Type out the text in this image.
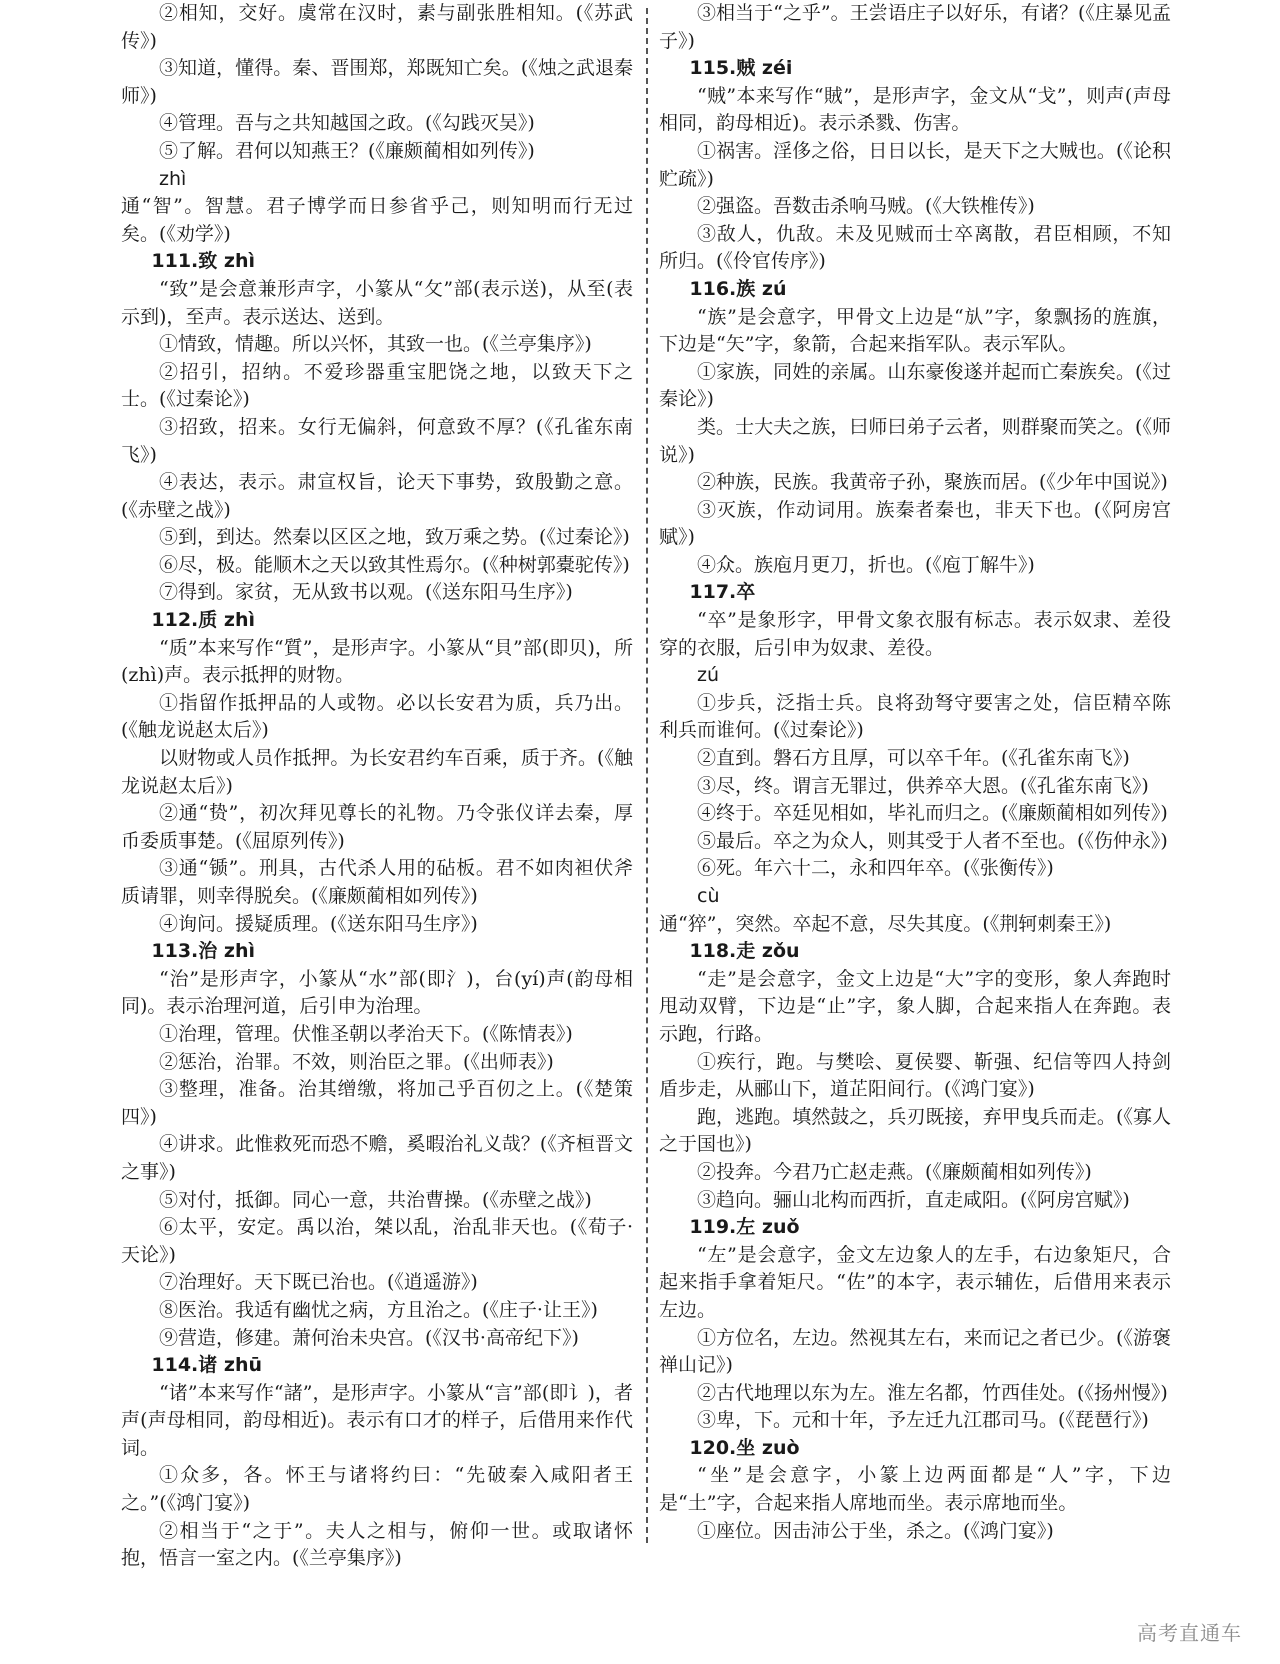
②相知，交好。虞常在汉时，素与副张胜相知。(《苏武传》)

③知道，懂得。秦、晋围郑，郑既知亡矣。(《烛之武退秦师》)

④管理。吾与之共知越国之政。(《勾践灭吴》)

⑤了解。君何以知燕王？(《廉颇蔺相如列传》)

zhì

通“智”。智慧。君子博学而日参省乎己，则知明而行无过矣。(《劝学》)

111.致 zhì

“致”是会意兼形声字，小篆从“攵”部(表示送)，从至(表示到)，至声。表示送达、送到。

①情致，情趣。所以兴怀，其致一也。(《兰亭集序》)

②招引，招纳。不爱珍器重宝肥饶之地，以致天下之士。(《过秦论》)

③招致，招来。女行无偏斜，何意致不厚？(《孔雀东南飞》)

④表达，表示。肃宣权旨，论天下事势，致殷勤之意。(《赤壁之战》)

⑤到，到达。然秦以区区之地，致万乘之势。(《过秦论》)

⑥尽，极。能顺木之天以致其性焉尔。(《种树郭橐驼传》)

⑦得到。家贫，无从致书以观。(《送东阳马生序》)

112.质 zhì

“质”本来写作“質”，是形声字。小篆从“貝”部(即贝)，所(zhì)声。表示抵押的财物。

①指留作抵押品的人或物。必以长安君为质，兵乃出。(《触龙说赵太后》)

以财物或人员作抵押。为长安君约车百乘，质于齐。(《触龙说赵太后》)

②通“贽”，初次拜见尊长的礼物。乃令张仪详去秦，厚币委质事楚。(《屈原列传》)

③通“锧”。刑具，古代杀人用的砧板。君不如肉袒伏斧质请罪，则幸得脱矣。(《廉颇蔺相如列传》)

④询问。援疑质理。(《送东阳马生序》)

113.治 zhì

“治”是形声字，小篆从“水”部(即氵)，台(yí)声(韵母相同)。表示治理河道，后引申为治理。

①治理，管理。伏惟圣朝以孝治天下。(《陈情表》)

②惩治，治罪。不效，则治臣之罪。(《出师表》)

③整理，准备。治其缯缴，将加己乎百仞之上。(《楚策四》)

④讲求。此惟救死而恐不赡，奚暇治礼义哉？(《齐桓晋文之事》)

⑤对付，抵御。同心一意，共治曹操。(《赤壁之战》)

⑥太平，安定。禹以治，桀以乱，治乱非天也。(《荀子·天论》)

⑦治理好。天下既已治也。(《逍遥游》)

⑧医治。我适有幽忧之病，方且治之。(《庄子·让王》)

⑨营造，修建。萧何治未央宫。(《汉书·高帝纪下》)

114.诸 zhū

“诸”本来写作“諸”，是形声字。小篆从“言”部(即讠)，者声(声母相同，韵母相近)。表示有口才的样子，后借用来作代词。

①众多，各。怀王与诸将约曰：“先破秦入咸阳者王之。”(《鸿门宴》)

②相当于“之于”。夫人之相与，俯仰一世。或取诸怀抱，悟言一室之内。(《兰亭集序》)

③相当于“之乎”。王尝语庄子以好乐，有诸？(《庄暴见孟子》)

115.贼 zéi

“贼”本来写作“賊”，是形声字，金文从“戈”，则声(声母相同，韵母相近)。表示杀戮、伤害。

①祸害。淫侈之俗，日日以长，是天下之大贼也。(《论积贮疏》)

②强盗。吾数击杀响马贼。(《大铁椎传》)

③敌人，仇敌。未及见贼而士卒离散，君臣相顾，不知所归。(《伶官传序》)

116.族 zú

“族”是会意字，甲骨文上边是“㫃”字，象飘扬的旌旗，下边是“矢”字，象箭，合起来指军队。表示军队。

①家族，同姓的亲属。山东豪俊遂并起而亡秦族矣。(《过秦论》)

类。士大夫之族，曰师曰弟子云者，则群聚而笑之。(《师说》)

②种族，民族。我黄帝子孙，聚族而居。(《少年中国说》)

③灭族，作动词用。族秦者秦也，非天下也。(《阿房宫赋》)

④众。族庖月更刀，折也。(《庖丁解牛》)

117.卒

“卒”是象形字，甲骨文象衣服有标志。表示奴隶、差役穿的衣服，后引申为奴隶、差役。

zú

①步兵，泛指士兵。良将劲弩守要害之处，信臣精卒陈利兵而谁何。(《过秦论》)

②直到。磐石方且厚，可以卒千年。(《孔雀东南飞》)

③尽，终。谓言无罪过，供养卒大恩。(《孔雀东南飞》)

④终于。卒廷见相如，毕礼而归之。(《廉颇蔺相如列传》)

⑤最后。卒之为众人，则其受于人者不至也。(《伤仲永》)

⑥死。年六十二，永和四年卒。(《张衡传》)

cù

通“猝”，突然。卒起不意，尽失其度。(《荆轲刺秦王》)

118.走 zǒu

“走”是会意字，金文上边是“大”字的变形，象人奔跑时甩动双臂，下边是“止”字，象人脚，合起来指人在奔跑。表示跑，行路。

①疾行，跑。与樊哙、夏侯婴、靳强、纪信等四人持剑盾步走，从郦山下，道芷阳间行。(《鸿门宴》)

跑，逃跑。填然鼓之，兵刃既接，弃甲曳兵而走。(《寡人之于国也》)

②投奔。今君乃亡赵走燕。(《廉颇蔺相如列传》)

③趋向。骊山北构而西折，直走咸阳。(《阿房宫赋》)

119.左 zuǒ

“左”是会意字，金文左边象人的左手，右边象矩尺，合起来指手拿着矩尺。“佐”的本字，表示辅佐，后借用来表示左边。

①方位名，左边。然视其左右，来而记之者已少。(《游褒禅山记》)

②古代地理以东为左。淮左名都，竹西佳处。(《扬州慢》)

③卑，下。元和十年，予左迁九江郡司马。(《琵琶行》)

120.坐 zuò

“坐”是会意字，小篆上边两面都是“人”字，下边是“土”字，合起来指人席地而坐。表示席地而坐。

①座位。因击沛公于坐，杀之。(《鸿门宴》)

高考直通车
